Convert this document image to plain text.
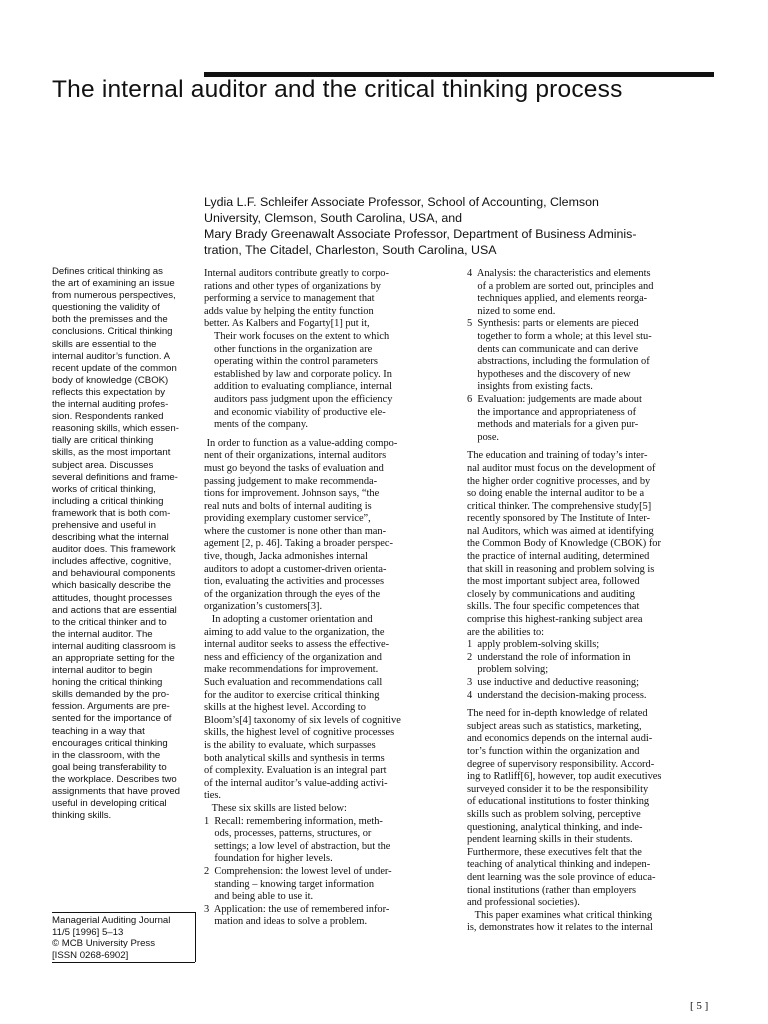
The internal auditor and the critical thinking process
Lydia L.F. Schleifer Associate Professor, School of Accounting, Clemson
University, Clemson, South Carolina, USA, and
Mary Brady Greenawalt Associate Professor, Department of Business Adminis-
tration, The Citadel, Charleston, South Carolina, USA
Defines critical thinking as
the art of examining an issue
from numerous perspectives,
questioning the validity of
both the premisses and the
conclusions. Critical thinking
skills are essential to the
internal auditor’s function. A
recent update of the common
body of knowledge (CBOK)
reflects this expectation by
the internal auditing profes-
sion. Respondents ranked
reasoning skills, which essen-
tially are critical thinking
skills, as the most important
subject area. Discusses
several definitions and frame-
works of critical thinking,
including a critical thinking
framework that is both com-
prehensive and useful in
describing what the internal
auditor does. This framework
includes affective, cognitive,
and behavioural components
which basically describe the
attitudes, thought processes
and actions that are essential
to the critical thinker and to
the internal auditor. The
internal auditing classroom is
an appropriate setting for the
internal auditor to begin
honing the critical thinking
skills demanded by the pro-
fession. Arguments are pre-
sented for the importance of
teaching in a way that
encourages critical thinking
in the classroom, with the
goal being transferability to
the workplace. Describes two
assignments that have proved
useful in developing critical
thinking skills.
Managerial Auditing Journal
11/5 [1996] 5–13
© MCB University Press
[ISSN 0268-6902]
Internal auditors contribute greatly to corpo-
rations and other types of organizations by
performing a service to management that
adds value by helping the entity function
better. As Kalbers and Fogarty[1] put it,
Their work focuses on the extent to which
other functions in the organization are
operating within the control parameters
established by law and corporate policy. In
addition to evaluating compliance, internal
auditors pass judgment upon the efficiency
and economic viability of productive ele-
ments of the company.
In order to function as a value-adding compo-
nent of their organizations, internal auditors
must go beyond the tasks of evaluation and
passing judgement to make recommenda-
tions for improvement. Johnson says, “the
real nuts and bolts of internal auditing is
providing exemplary customer service”,
where the customer is none other than man-
agement [2, p. 46]. Taking a broader perspec-
tive, though, Jacka admonishes internal
auditors to adopt a customer-driven orienta-
tion, evaluating the activities and processes
of the organization through the eyes of the
organization’s customers[3].
In adopting a customer orientation and
aiming to add value to the organization, the
internal auditor seeks to assess the effective-
ness and efficiency of the organization and
make recommendations for improvement.
Such evaluation and recommendations call
for the auditor to exercise critical thinking
skills at the highest level. According to
Bloom’s[4] taxonomy of six levels of cognitive
skills, the highest level of cognitive processes
is the ability to evaluate, which surpasses
both analytical skills and synthesis in terms
of complexity. Evaluation is an integral part
of the internal auditor’s value-adding activi-
ties.
These six skills are listed below:
1  Recall: remembering information, meth-
ods, processes, patterns, structures, or
settings; a low level of abstraction, but the
foundation for higher levels.
2  Comprehension: the lowest level of under-
standing – knowing target information
and being able to use it.
3  Application: the use of remembered infor-
mation and ideas to solve a problem.
4  Analysis: the characteristics and elements
of a problem are sorted out, principles and
techniques applied, and elements reorga-
nized to some end.
5  Synthesis: parts or elements are pieced
together to form a whole; at this level stu-
dents can communicate and can derive
abstractions, including the formulation of
hypotheses and the discovery of new
insights from existing facts.
6  Evaluation: judgements are made about
the importance and appropriateness of
methods and materials for a given pur-
pose.
The education and training of today’s inter-
nal auditor must focus on the development of
the higher order cognitive processes, and by
so doing enable the internal auditor to be a
critical thinker. The comprehensive study[5]
recently sponsored by The Institute of Inter-
nal Auditors, which was aimed at identifying
the Common Body of Knowledge (CBOK) for
the practice of internal auditing, determined
that skill in reasoning and problem solving is
the most important subject area, followed
closely by communications and auditing
skills. The four specific competences that
comprise this highest-ranking subject area
are the abilities to:
1  apply problem-solving skills;
2  understand the role of information in
problem solving;
3  use inductive and deductive reasoning;
4  understand the decision-making process.
The need for in-depth knowledge of related
subject areas such as statistics, marketing,
and economics depends on the internal audi-
tor’s function within the organization and
degree of supervisory responsibility. Accord-
ing to Ratliff[6], however, top audit executives
surveyed consider it to be the responsibility
of educational institutions to foster thinking
skills such as problem solving, perceptive
questioning, analytical thinking, and inde-
pendent learning skills in their students.
Furthermore, these executives felt that the
teaching of analytical thinking and indepen-
dent learning was the sole province of educa-
tional institutions (rather than employers
and professional societies).
This paper examines what critical thinking
is, demonstrates how it relates to the internal
[ 5 ]
